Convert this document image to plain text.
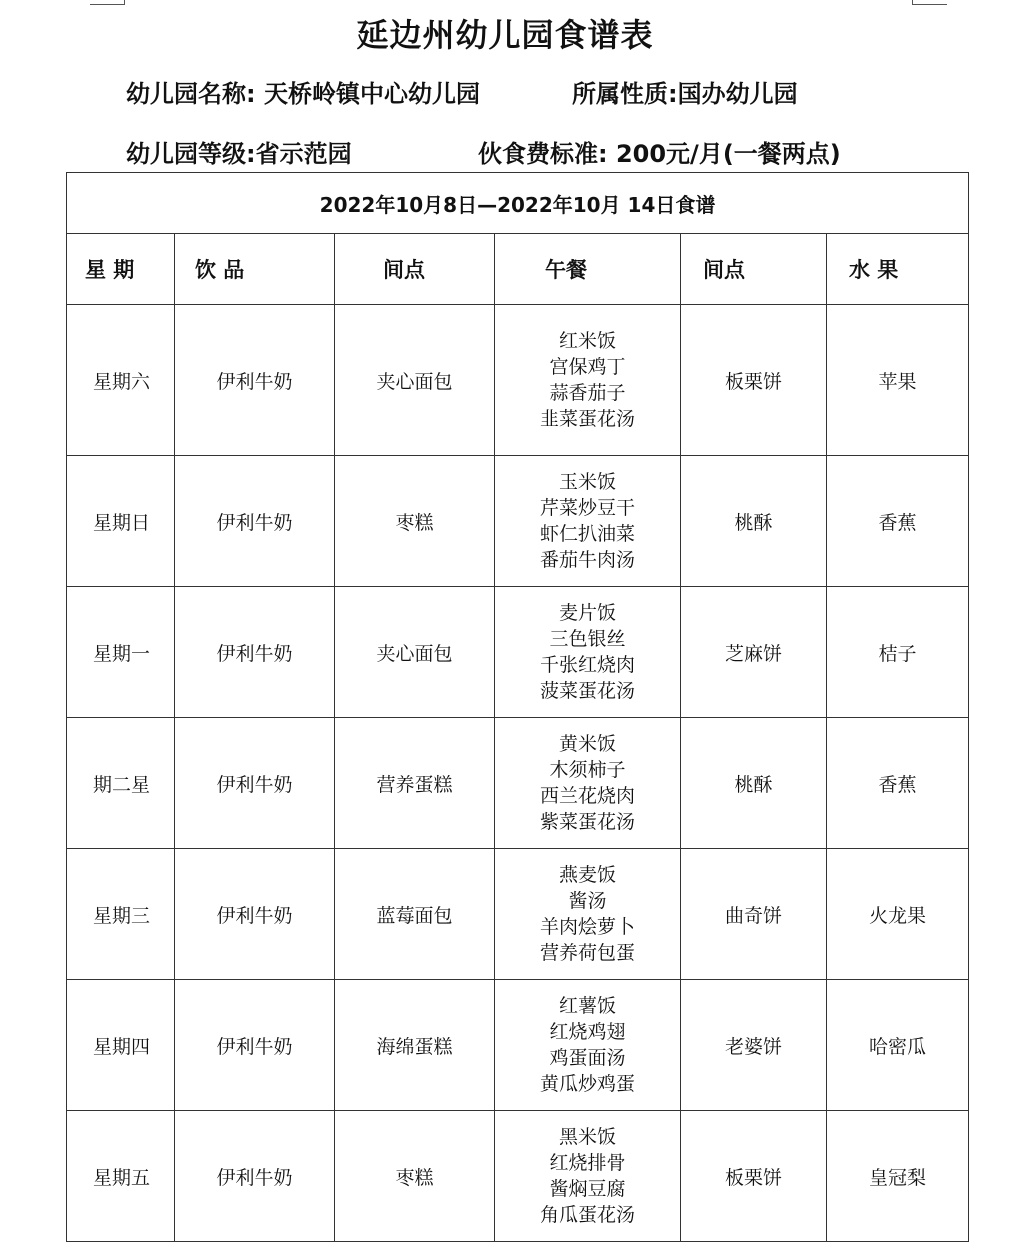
延边州幼儿园食谱表
幼儿园名称: 天桥岭镇中心幼儿园	所属性质:国办幼儿园
幼儿园等级:省示范园	伙食费标准: 200元/月(一餐两点)
2022年10月8日—2022年10月 14日食谱					
星 期	饮 品	间点	午餐	间点	水 果
星期六	伊利牛奶	夹心面包	红米饭
宫保鸡丁
蒜香茄子
韭菜蛋花汤	板栗饼	苹果
星期日	伊利牛奶	枣糕	玉米饭
芹菜炒豆干
虾仁扒油菜
番茄牛肉汤	桃酥	香蕉
星期一	伊利牛奶	夹心面包	麦片饭
三色银丝
千张红烧肉
菠菜蛋花汤	芝麻饼	桔子
期二星	伊利牛奶	营养蛋糕	黄米饭
木须柿子
西兰花烧肉
紫菜蛋花汤	桃酥	香蕉
星期三	伊利牛奶	蓝莓面包	燕麦饭
酱汤
羊肉烩萝卜
营养荷包蛋	曲奇饼	火龙果
星期四	伊利牛奶	海绵蛋糕	红薯饭
红烧鸡翅
鸡蛋面汤
黄瓜炒鸡蛋	老婆饼	哈密瓜
星期五	伊利牛奶	枣糕	黑米饭
红烧排骨
酱焖豆腐
角瓜蛋花汤	板栗饼	皇冠梨
